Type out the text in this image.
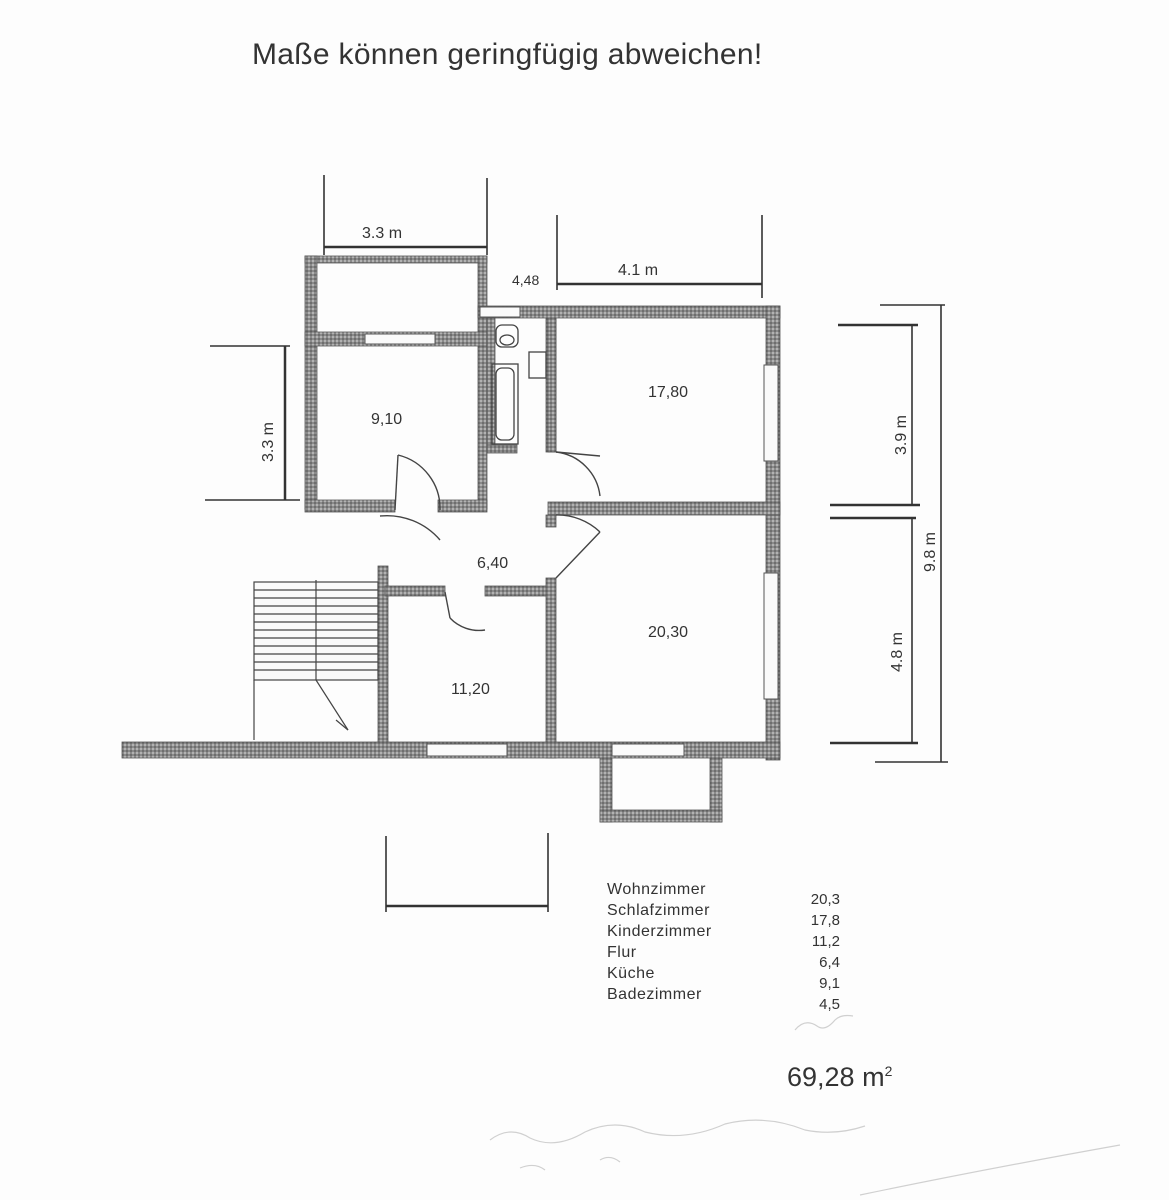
Maße können geringfügig abweichen!
9,10
17,80
6,40
20,30
11,20
3.3 m
4,48
4.1 m
3.3 m	3.9 m
4.8 m
9.8 m
Wohnzimmer
Schlafzimmer
Kinderzimmer
Flur
Küche
Badezimmer
20,3
17,8
11,2
6,4
9,1
4,5
69,28 $m^2$
